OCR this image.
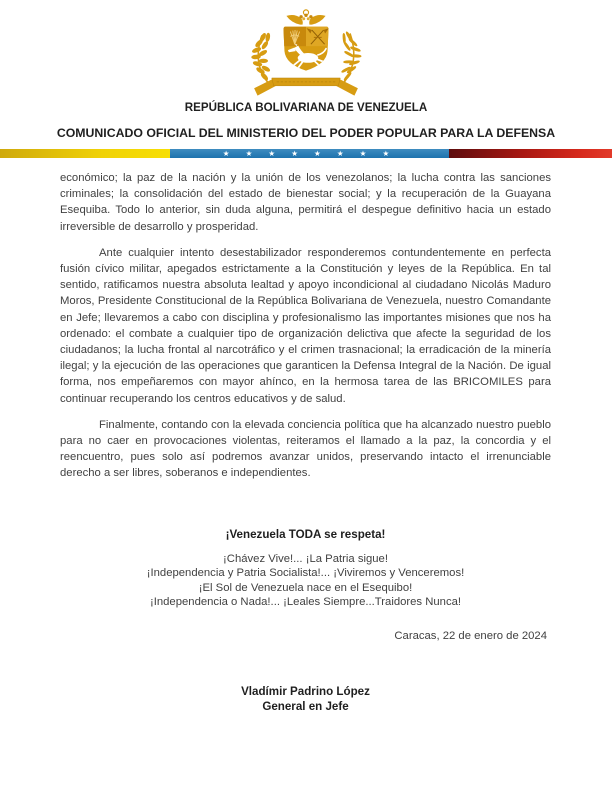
REPÚBLICA BOLIVARIANA DE VENEZUELA
COMUNICADO OFICIAL DEL MINISTERIO DEL PODER POPULAR PARA LA DEFENSA
★ ★ ★ ★ ★ ★ ★ ★

económico; la paz de la nación y la unión de los venezolanos; la lucha contra las sanciones criminales; la consolidación del estado de bienestar social; y la recuperación de la Guayana Esequiba. Todo lo anterior, sin duda alguna, permitirá el despegue definitivo hacia un estado irreversible de desarrollo y prosperidad.

Ante cualquier intento desestabilizador responderemos contundentemente en perfecta fusión cívico militar, apegados estrictamente a la Constitución y leyes de la República. En tal sentido, ratificamos nuestra absoluta lealtad y apoyo incondicional al ciudadano Nicolás Maduro Moros, Presidente Constitucional de la República Bolivariana de Venezuela, nuestro Comandante en Jefe; llevaremos a cabo con disciplina y profesionalismo las importantes misiones que nos ha ordenado: el combate a cualquier tipo de organización delictiva que afecte la seguridad de los ciudadanos; la lucha frontal al narcotráfico y el crimen trasnacional; la erradicación de la minería ilegal; y la ejecución de las operaciones que garanticen la Defensa Integral de la Nación. De igual forma, nos empeñaremos con mayor ahínco, en la hermosa tarea de las BRICOMILES para continuar recuperando los centros educativos y de salud.

Finalmente, contando con la elevada conciencia política que ha alcanzado nuestro pueblo para no caer en provocaciones violentas, reiteramos el llamado a la paz, la concordia y el reencuentro, pues solo así podremos avanzar unidos, preservando intacto el irrenunciable derecho a ser libres, soberanos e independientes.

¡Venezuela TODA se respeta!
¡Chávez Vive!... ¡La Patria sigue!
¡Independencia y Patria Socialista!... ¡Viviremos y Venceremos!
¡El Sol de Venezuela nace en el Esequibo!
¡Independencia o Nada!... ¡Leales Siempre...Traidores Nunca!
Caracas, 22 de enero de 2024
Vladímir Padrino López
General en Jefe
